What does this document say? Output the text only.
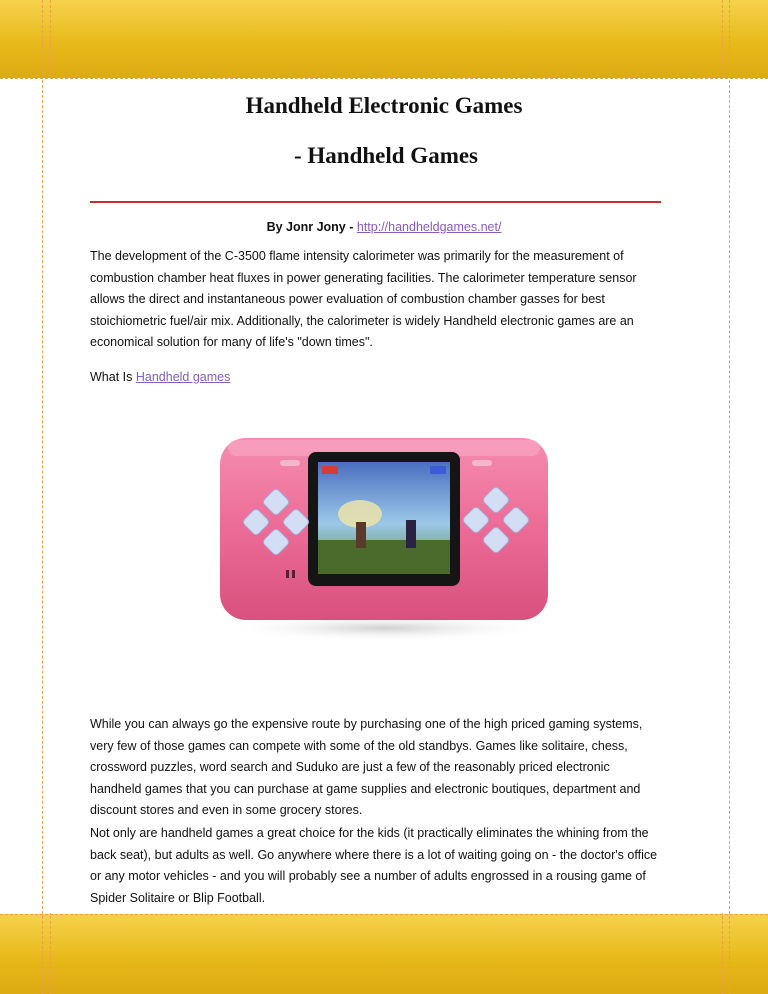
Handheld Electronic Games
- Handheld Games
By Jonr Jony - http://handheldgames.net/
The development of the C-3500 flame intensity calorimeter was primarily for the measurement of combustion chamber heat fluxes in power generating facilities. The calorimeter temperature sensor allows the direct and instantaneous power evaluation of combustion chamber gasses for best stoichiometric fuel/air mix. Additionally, the calorimeter is widely Handheld electronic games are an economical solution for many of life's "down times".
What Is Handheld games
While you can always go the expensive route by purchasing one of the high priced gaming systems, very few of those games can compete with some of the old standbys. Games like solitaire, chess, crossword puzzles, word search and Suduko are just a few of the reasonably priced electronic handheld games that you can purchase at game supplies and electronic boutiques, department and discount stores and even in some grocery stores.
Not only are handheld games a great choice for the kids (it practically eliminates the whining from the back seat), but adults as well. Go anywhere where there is a lot of waiting going on - the doctor's office or any motor vehicles - and you will probably see a number of adults engrossed in a rousing game of Spider Solitaire or Blip Football.
